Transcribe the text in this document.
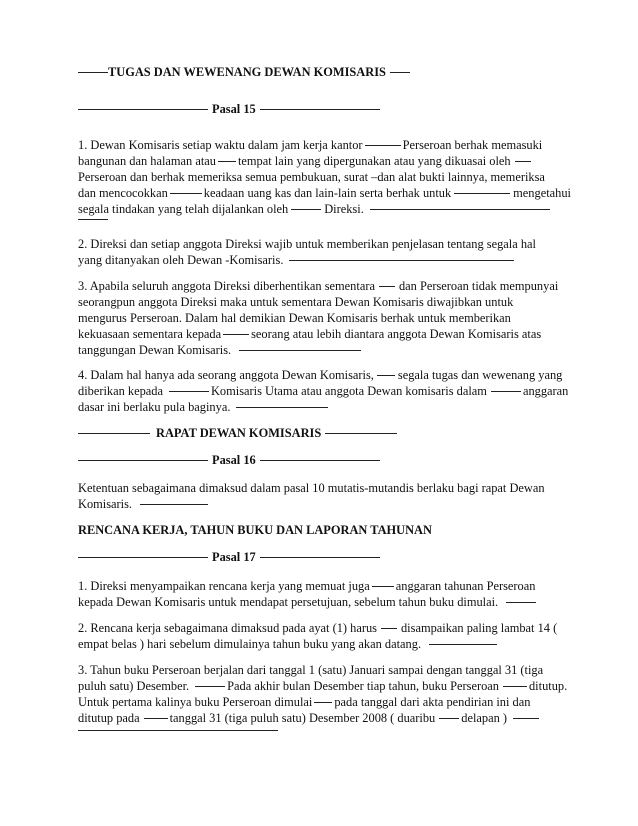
TUGAS DAN WEWENANG DEWAN KOMISARIS
Pasal 15
1. Dewan Komisaris setiap waktu dalam jam kerja kantor	Perseroan berhak memasuki
bangunan dan halaman atau tempat lain yang dipergunakan atau yang dikuasai oleh
Perseroan dan berhak memeriksa semua pembukuan, surat –dan alat bukti lainnya, memeriksa
dan mencocokkan	keadaan uang kas dan lain-lain serta berhak untuk	mengetahui
segala tindakan yang telah dijalankan oleh	Direksi.
2. Direksi dan setiap anggota Direksi wajib untuk memberikan penjelasan tentang segala hal
yang ditanyakan oleh Dewan -Komisaris.
3. Apabila seluruh anggota Direksi diberhentikan sementara dan Perseroan tidak mempunyai
seorangpun anggota Direksi maka untuk sementara Dewan Komisaris diwajibkan untuk
mengurus Perseroan. Dalam hal demikian Dewan Komisaris berhak untuk memberikan
kekuasaan sementara kepada seorang atau lebih diantara anggota Dewan Komisaris atas
tanggungan Dewan Komisaris.
4. Dalam hal hanya ada seorang anggota Dewan Komisaris, segala tugas dan wewenang yang
diberikan kepada	Komisaris Utama atau anggota Dewan komisaris dalam	anggaran
dasar ini berlaku pula baginya.
RAPAT DEWAN KOMISARIS
Pasal 16
Ketentuan sebagaimana dimaksud dalam pasal 10 mutatis-mutandis berlaku bagi rapat Dewan
Komisaris.
RENCANA KERJA, TAHUN BUKU DAN LAPORAN TAHUNAN
Pasal 17
1. Direksi menyampaikan rencana kerja yang memuat juga anggaran tahunan Perseroan
kepada Dewan Komisaris untuk mendapat persetujuan, sebelum tahun buku dimulai.
2. Rencana kerja sebagaimana dimaksud pada ayat (1) harus disampaikan paling lambat 14 (
empat belas ) hari sebelum dimulainya tahun buku yang akan datang.
3. Tahun buku Perseroan berjalan dari tanggal 1 (satu) Januari sampai dengan tanggal 31 (tiga
puluh satu) Desember.	Pada akhir bulan Desember tiap tahun, buku Perseroan ditutup.
Untuk pertama kalinya buku Perseroan dimulai pada tanggal dari akta pendirian ini dan
ditutup pada tanggal 31 (tiga puluh satu) Desember 2008 ( duaribu delapan )
